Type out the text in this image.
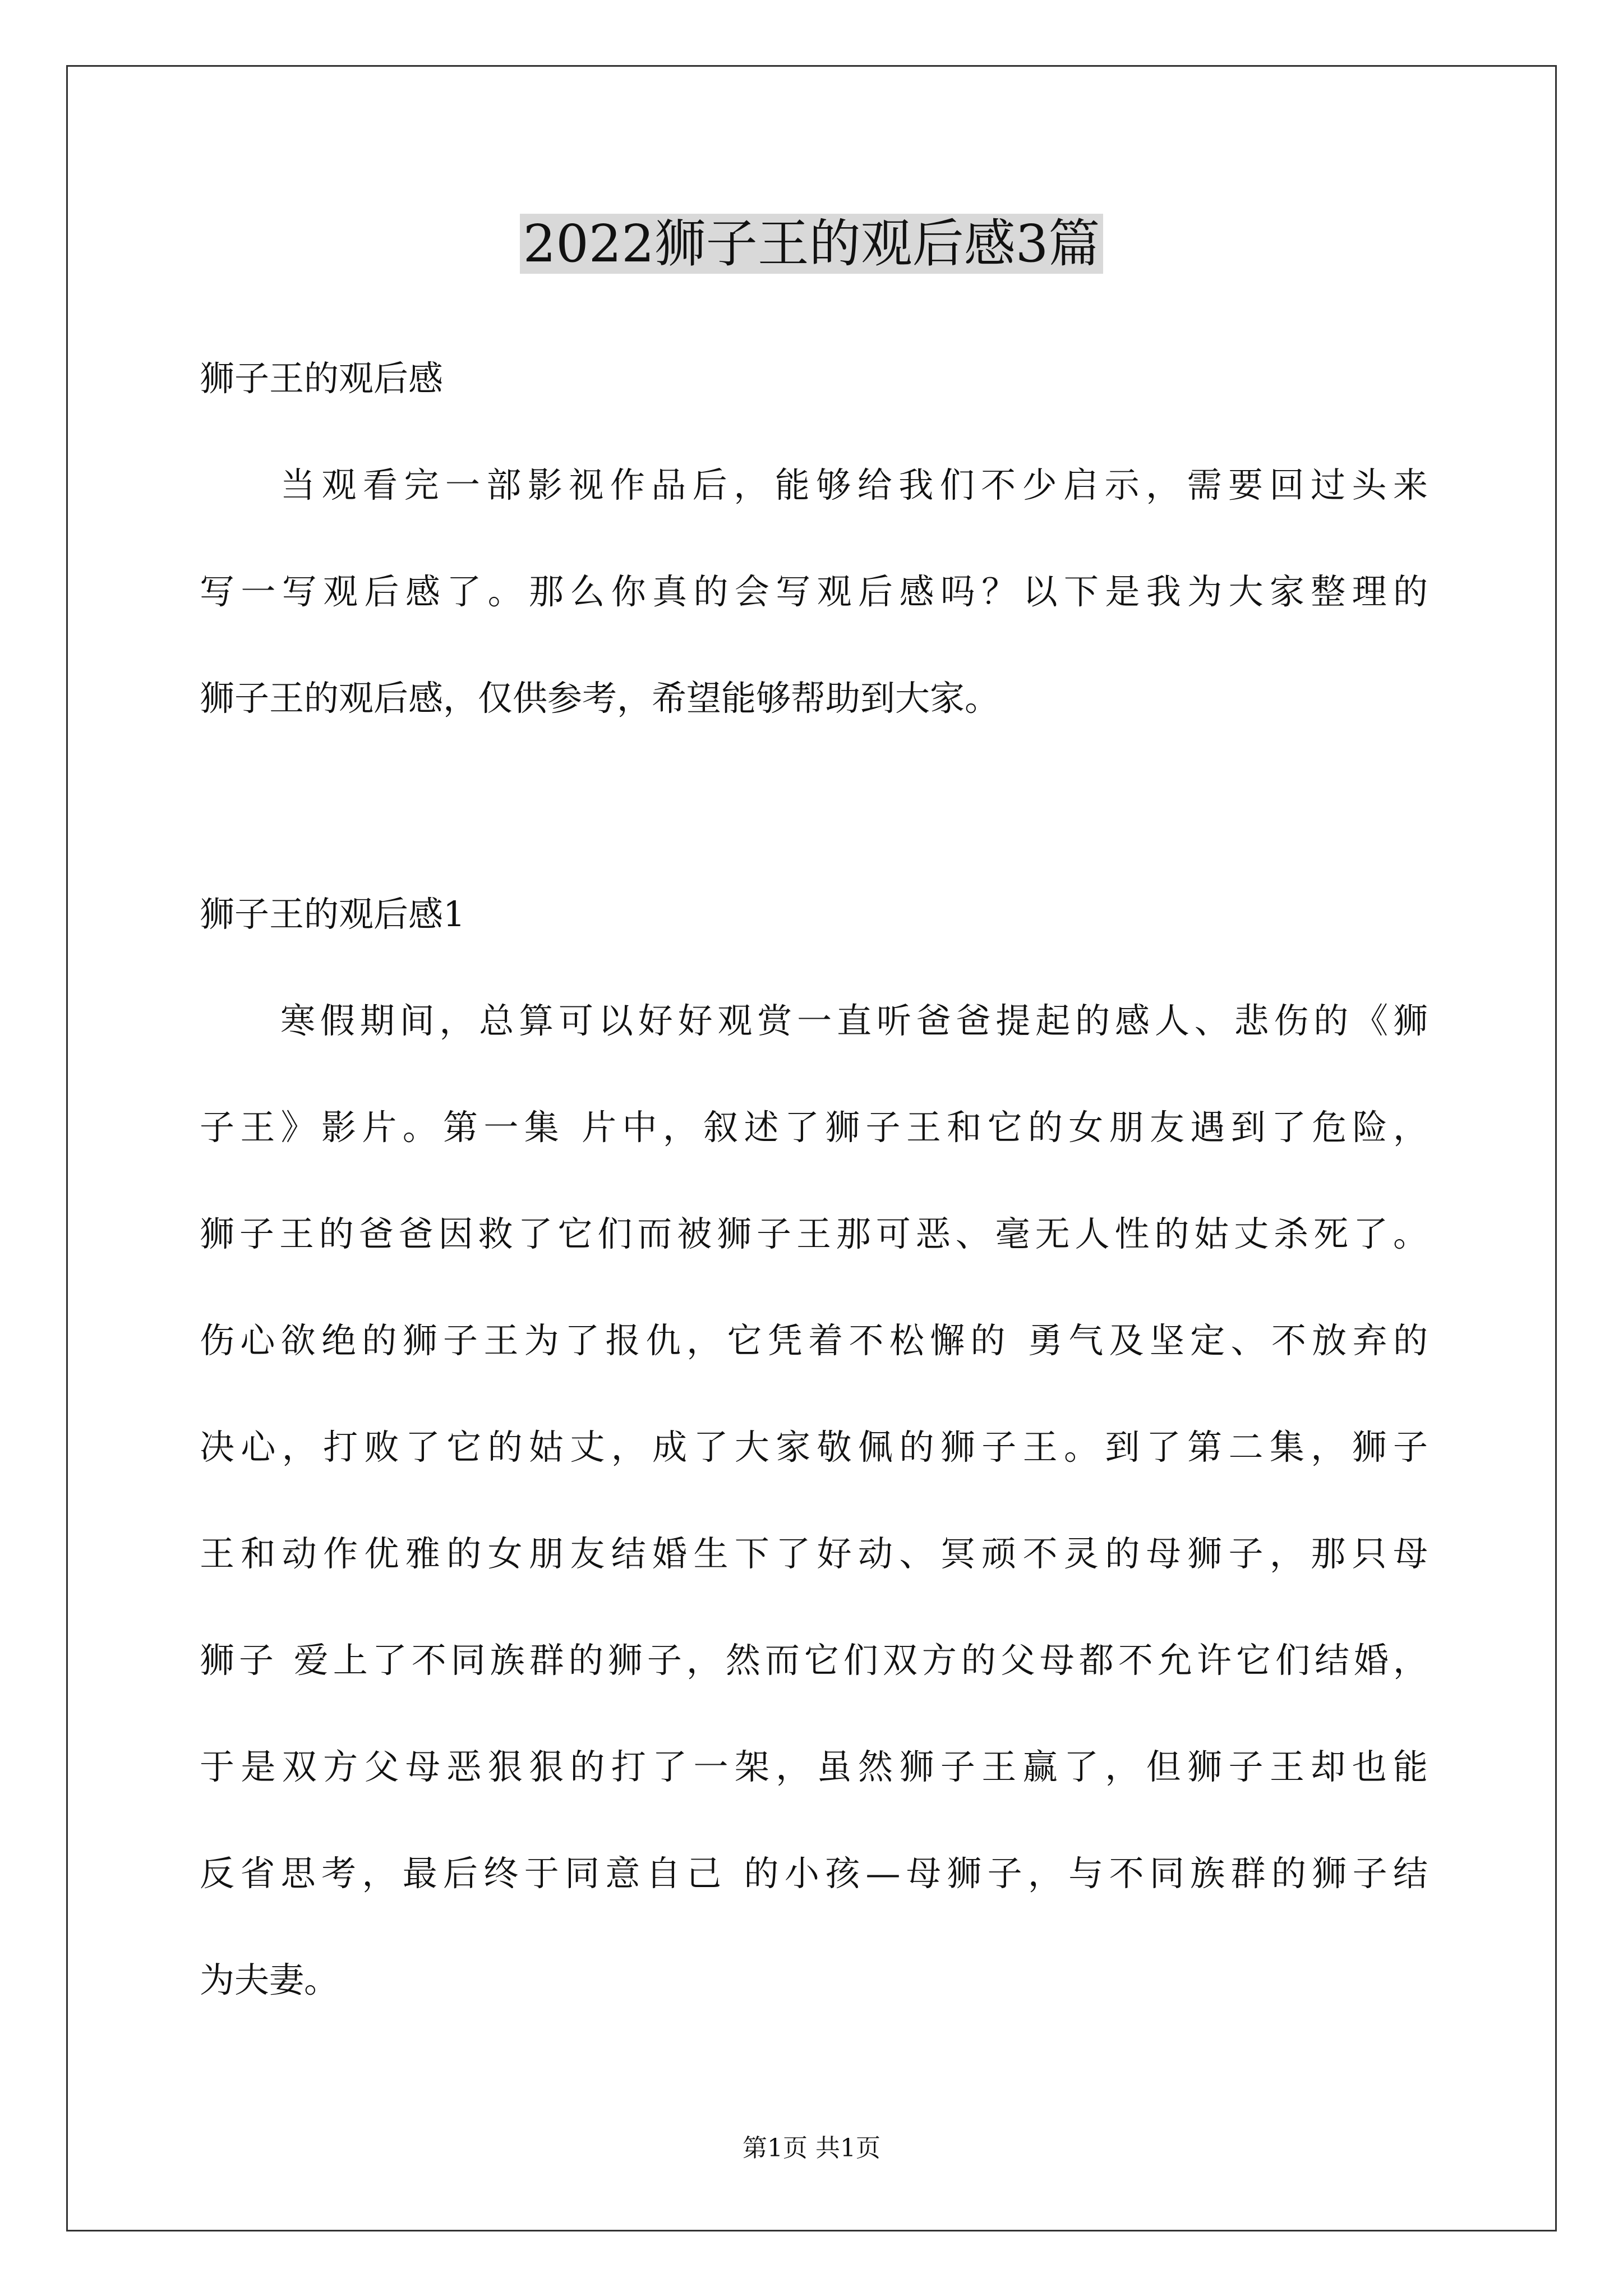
2022狮子王的观后感3篇
狮子王的观后感
当观看完一部影视作品后，能够给我们不少启示，需要回过头来
写一写观后感了。那么你真的会写观后感吗？以下是我为大家整理的
狮子王的观后感，仅供参考，希望能够帮助到大家。
狮子王的观后感1
寒假期间，总算可以好好观赏一直听爸爸提起的感人、悲伤的《狮
子王》影片。第一集 片中，叙述了狮子王和它的女朋友遇到了危险，
狮子王的爸爸因救了它们而被狮子王那可恶、毫无人性的姑丈杀死了。
伤心欲绝的狮子王为了报仇，它凭着不松懈的 勇气及坚定、不放弃的
决心，打败了它的姑丈，成了大家敬佩的狮子王。到了第二集，狮子
王和动作优雅的女朋友结婚生下了好动、冥顽不灵的母狮子，那只母
狮子 爱上了不同族群的狮子，然而它们双方的父母都不允许它们结婚，
于是双方父母恶狠狠的打了一架，虽然狮子王赢了，但狮子王却也能
反省思考，最后终于同意自己 的小孩—母狮子，与不同族群的狮子结
为夫妻。
第1页 共1页
